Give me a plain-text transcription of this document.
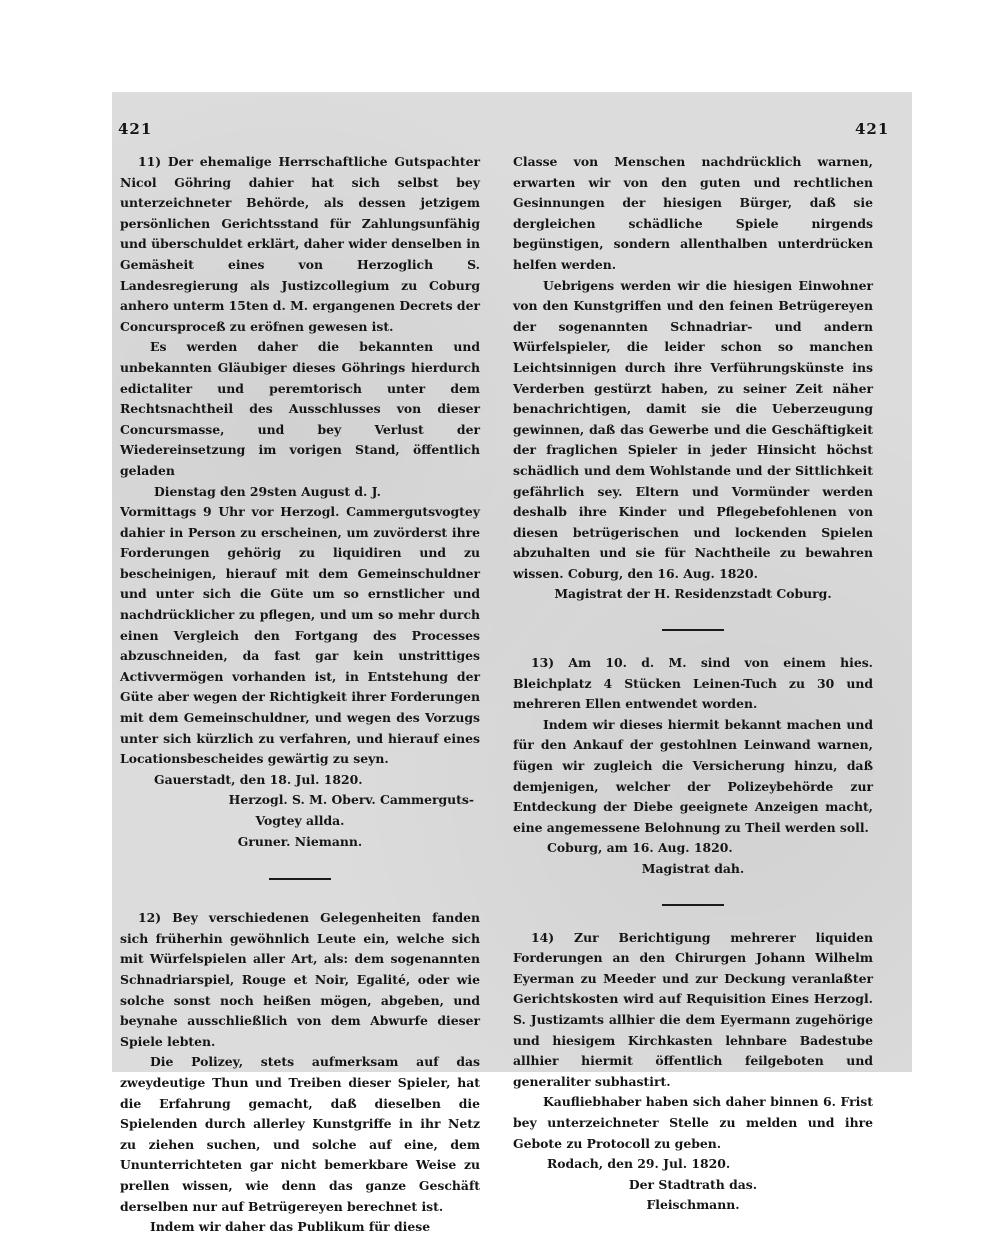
421	421

11) Der ehemalige Herrschaftliche Gutspachter Nicol Göhring dahier hat sich selbst bey unterzeichneter Behörde, als dessen jetzigem persönlichen Gerichtsstand für Zahlungsunfähig und überschuldet erklärt, daher wider denselben in Gemäsheit eines von Herzoglich S. Landesregierung als Justizcollegium zu Coburg anhero unterm 15ten d. M. ergangenen Decrets der Concursproceß zu eröfnen gewesen ist.

Es werden daher die bekannten und unbekannten Gläubiger dieses Göhrings hierdurch edictaliter und peremtorisch unter dem Rechtsnachtheil des Ausschlusses von dieser Concursmasse, und bey Verlust der Wiedereinsetzung im vorigen Stand, öffentlich geladen

Dienstag den 29sten August d. J.

Vormittags 9 Uhr vor Herzogl. Cammergutsvogtey dahier in Person zu erscheinen, um zuvörderst ihre Forderungen gehörig zu liquidiren und zu bescheinigen, hierauf mit dem Gemeinschuldner und unter sich die Güte um so ernstlicher und nachdrücklicher zu pflegen, und um so mehr durch einen Vergleich den Fortgang des Processes abzuschneiden, da fast gar kein unstrittiges Activvermögen vorhanden ist, in Entstehung der Güte aber wegen der Richtigkeit ihrer Forderungen mit dem Gemeinschuldner, und wegen des Vorzugs unter sich kürzlich zu verfahren, und hierauf eines Locationsbescheides gewärtig zu seyn.

Gauerstadt, den 18. Jul. 1820.

Herzogl. S. M. Oberv. Cammerguts-

Vogtey allda.

Gruner. Niemann.

12) Bey verschiedenen Gelegenheiten fanden sich früherhin gewöhnlich Leute ein, welche sich mit Würfelspielen aller Art, als: dem sogenannten Schnadriarspiel, Rouge et Noir, Egalité, oder wie solche sonst noch heißen mögen, abgeben, und beynahe ausschließlich von dem Abwurfe dieser Spiele lebten.

Die Polizey, stets aufmerksam auf das zweydeutige Thun und Treiben dieser Spieler, hat die Erfahrung gemacht, daß dieselben die Spielenden durch allerley Kunstgriffe in ihr Netz zu ziehen suchen, und solche auf eine, dem Ununterrichteten gar nicht bemerkbare Weise zu prellen wissen, wie denn das ganze Geschäft derselben nur auf Betrügereyen berechnet ist.

Indem wir daher das Publikum für diese

Classe von Menschen nachdrücklich warnen, erwarten wir von den guten und rechtlichen Gesinnungen der hiesigen Bürger, daß sie dergleichen schädliche Spiele nirgends begünstigen, sondern allenthalben unterdrücken helfen werden.

Uebrigens werden wir die hiesigen Einwohner von den Kunstgriffen und den feinen Betrügereyen der sogenannten Schnadriar- und andern Würfelspieler, die leider schon so manchen Leichtsinnigen durch ihre Verführungskünste ins Verderben gestürzt haben, zu seiner Zeit näher benachrichtigen, damit sie die Ueberzeugung gewinnen, daß das Gewerbe und die Geschäftigkeit der fraglichen Spieler in jeder Hinsicht höchst schädlich und dem Wohlstande und der Sittlichkeit gefährlich sey. Eltern und Vormünder werden deshalb ihre Kinder und Pflegebefohlenen von diesen betrügerischen und lockenden Spielen abzuhalten und sie für Nachtheile zu bewahren wissen. Coburg, den 16. Aug. 1820.

Magistrat der H. Residenzstadt Coburg.

13) Am 10. d. M. sind von einem hies. Bleichplatz 4 Stücken Leinen-Tuch zu 30 und mehreren Ellen entwendet worden.

Indem wir dieses hiermit bekannt machen und für den Ankauf der gestohlnen Leinwand warnen, fügen wir zugleich die Versicherung hinzu, daß demjenigen, welcher der Polizeybehörde zur Entdeckung der Diebe geeignete Anzeigen macht, eine angemessene Belohnung zu Theil werden soll.

Coburg, am 16. Aug. 1820.

Magistrat dah.

14) Zur Berichtigung mehrerer liquiden Forderungen an den Chirurgen Johann Wilhelm Eyerman zu Meeder und zur Deckung veranlaßter Gerichtskosten wird auf Requisition Eines Herzogl. S. Justizamts allhier die dem Eyermann zugehörige und hiesigem Kirchkasten lehnbare Badestube allhier hiermit öffentlich feilgeboten und generaliter subhastirt.

Kaufliebhaber haben sich daher binnen 6. Frist bey unterzeichneter Stelle zu melden und ihre Gebote zu Protocoll zu geben.

Rodach, den 29. Jul. 1820.

Der Stadtrath das.

Fleischmann.
